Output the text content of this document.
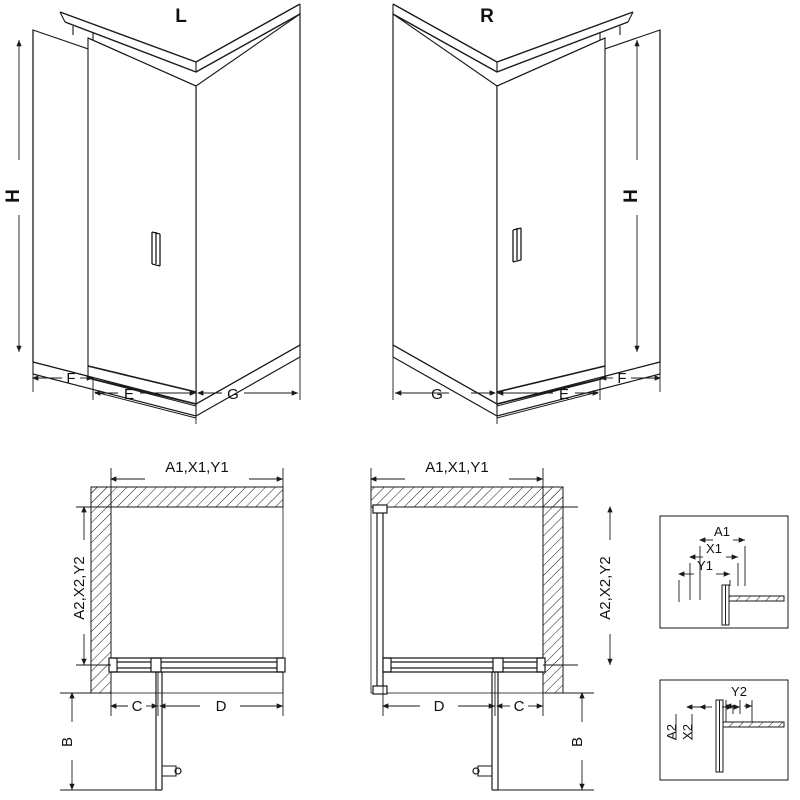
H
F
E	G
L
H
F
E
G
R
A1,X1,Y1
A2,X2,Y2
B
C	D
A1,X1,Y1
A2,X2,Y2
B
D	C
A1
X1
Y1
A2 X2
Y2
